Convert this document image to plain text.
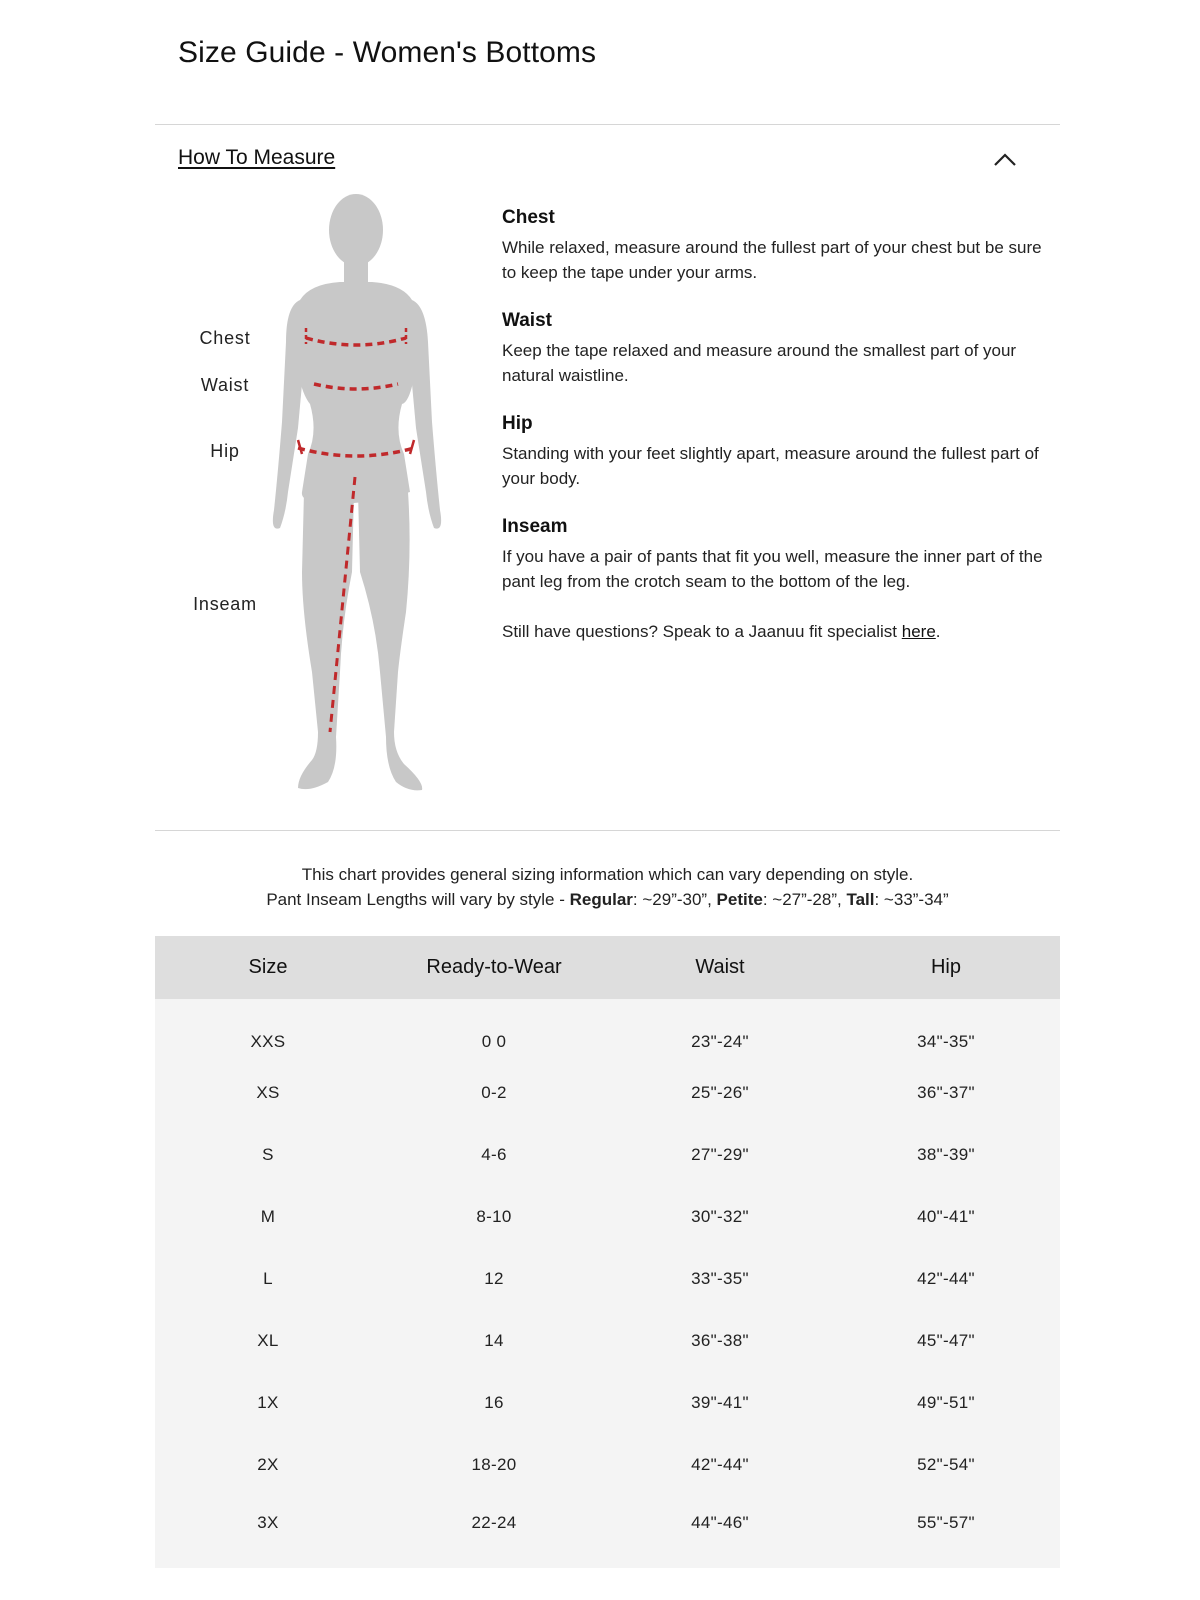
Size Guide - Women's Bottoms
How To Measure
Chest
Waist
Hip
Inseam
Chest
While relaxed, measure around the fullest part of your chest but be sure to keep the tape under your arms.
Waist
Keep the tape relaxed and measure around the smallest part of your natural waistline.
Hip
Standing with your feet slightly apart, measure around the fullest part of your body.
Inseam
If you have a pair of pants that fit you well, measure the inner part of the pant leg from the crotch seam to the bottom of the leg.
Still have questions? Speak to a Jaanuu fit specialist here.
This chart provides general sizing information which can vary depending on style.
Pant Inseam Lengths will vary by style - Regular: ~29”-30”, Petite: ~27”-28”, Tall: ~33”-34”
Size	Ready-to-Wear	Waist	Hip
XXS	0 0	23"-24"	34"-35"
XS	0-2	25"-26"	36"-37"
S	4-6	27"-29"	38"-39"
M	8-10	30"-32"	40"-41"
L	12	33"-35"	42"-44"
XL	14	36"-38"	45"-47"
1X	16	39"-41"	49"-51"
2X	18-20	42"-44"	52"-54"
3X	22-24	44"-46"	55"-57"
